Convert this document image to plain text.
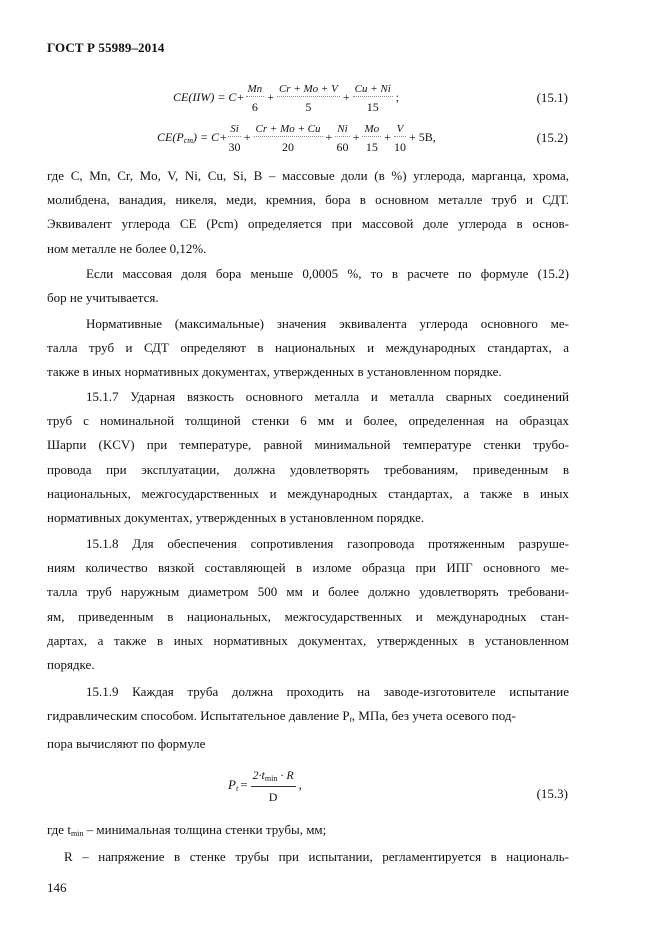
ГОСТ Р 55989–2014
$CE(IIW) = C+ \frac{Mn}{6} + \frac{Cr + Mo + V}{5} + \frac{Cu + Ni}{15}$ ;	(15.1)
$CE(P_{cm}) = C+ \frac{Si}{30} + \frac{Cr + Mo + Cu}{20} + \frac{Ni}{60} + \frac{Mo}{15} + \frac{V}{10} + 5B$,	(15.2)
где C, Mn, Cr, Mo, V, Ni, Cu, Si, B – массовые доли (в %) углерода, марганца, хрома,
молибдена, ванадия, никеля, меди, кремния, бора в основном металле труб и СДТ.
Эквивалент углерода CE (Pcm) определяется при массовой доле углерода в основ-
ном металле не более 0,12%.
Если массовая доля бора меньше 0,0005 %, то в расчете по формуле (15.2)
бор не учитывается.
Нормативные (максимальные) значения эквивалента углерода основного ме-
талла труб и СДТ определяют в национальных и международных стандартах, а
также в иных нормативных документах, утвержденных в установленном порядке.
15.1.7 Ударная вязкость основного металла и металла сварных соединений
труб с номинальной толщиной стенки 6 мм и более, определенная на образцах
Шарпи (KCV) при температуре, равной минимальной температуре стенки трубо-
провода при эксплуатации, должна удовлетворять требованиям, приведенным в
национальных, межгосударственных и международных стандартах, а также в иных
нормативных документах, утвержденных в установленном порядке.
15.1.8 Для обеспечения сопротивления газопровода протяженным разруше-
ниям количество вязкой составляющей в изломе образца при ИПГ основного ме-
талла труб наружным диаметром 500 мм и более должно удовлетворять требовани-
ям, приведенным в национальных, межгосударственных и международных стан-
дартах, а также в иных нормативных документах, утвержденных в установленном
порядке.
15.1.9 Каждая труба должна проходить на заводе-изготовителе испытание
гидравлическим способом. Испытательное давление $P_t$, МПа, без учета осевого под-
пора вычисляют по формуле
$P_t = \frac{2\cdot t_{min} \cdot R}{D}$ ,
(15.3)
где $t_{min}$ – минимальная толщина стенки трубы, мм;
R – напряжение в стенке трубы при испытании, регламентируется в националь-
146
